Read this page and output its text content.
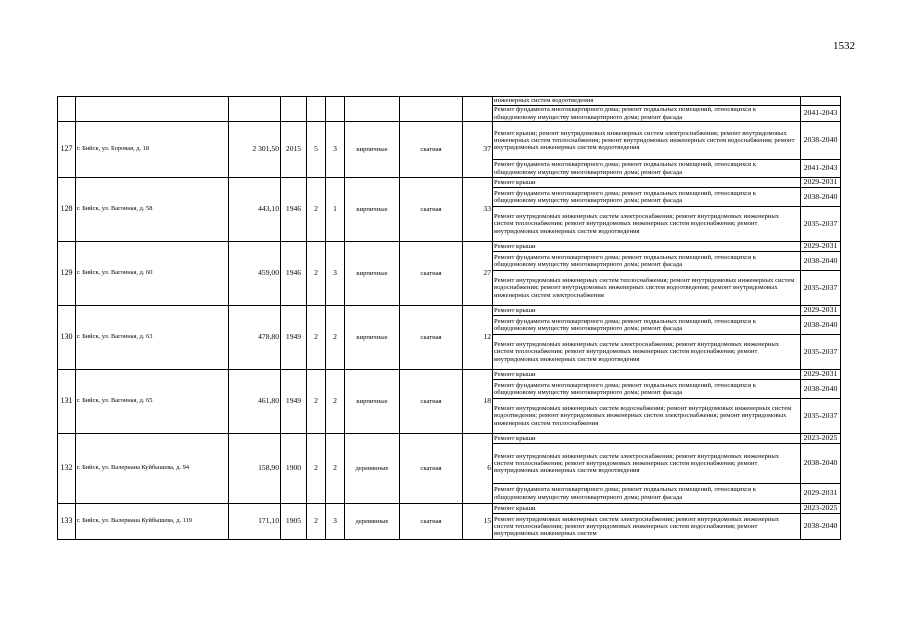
1532
									инженерных систем водоотведения	
									Ремонт фундамента многоквартирного дома; ремонт подвальных помещений, относящихся к общедомовому имуществу многоквартирного дома; ремонт фасада	2041-2043
127	г. Бийск, ул. Боровая, д. 18	2 301,50	2015	5	3	кирпичные	скатная	37	Ремонт крыши; ремонт внутридомовых инженерных систем электроснабжения; ремонт внутридомовых инженерных систем теплоснабжения; ремонт внутридомовых инженерных систем водоснабжения; ремонт внутридомовых инженерных систем водоотведения	2038-2040
									Ремонт фундамента многоквартирного дома; ремонт подвальных помещений, относящихся к общедомовому имуществу многоквартирного дома; ремонт фасада	2041-2043
128	г. Бийск, ул. Вагонная, д. 58	443,10	1946	2	1	кирпичные	скатная	33	Ремонт крыши	2029-2031
									Ремонт фундамента многоквартирного дома; ремонт подвальных помещений, относящихся к общедомовому имуществу многоквартирного дома; ремонт фасада	2038-2040
									Ремонт внутридомовых инженерных систем электроснабжения; ремонт внутридомовых инженерных систем теплоснабжения; ремонт внутридомовых инженерных систем водоснабжения; ремонт внутридомовых инженерных систем водоотведения	2035-2037
129	г. Бийск, ул. Вагонная, д. 60	459,00	1946	2	3	кирпичные	скатная	27	Ремонт крыши	2029-2031
									Ремонт фундамента многоквартирного дома; ремонт подвальных помещений, относящихся к общедомовому имуществу многоквартирного дома; ремонт фасада	2038-2040
									Ремонт внутридомовых инженерных систем теплоснабжения; ремонт внутридомовых инженерных систем водоснабжения; ремонт внутридомовых инженерных систем водоотведения; ремонт внутридомовых инженерных систем электроснабжения	2035-2037
130	г. Бийск, ул. Вагонная, д. 63	478,80	1949	2	2	кирпичные	скатная	12	Ремонт крыши	2029-2031
									Ремонт фундамента многоквартирного дома; ремонт подвальных помещений, относящихся к общедомовому имуществу многоквартирного дома; ремонт фасада	2038-2040
									Ремонт внутридомовых инженерных систем электроснабжения; ремонт внутридомовых инженерных систем теплоснабжения; ремонт внутридомовых инженерных систем водоснабжения; ремонт внутридомовых инженерных систем водоотведения	2035-2037
131	г. Бийск, ул. Вагонная, д. 65	461,80	1949	2	2	кирпичные	скатная	18	Ремонт крыши	2029-2031
									Ремонт фундамента многоквартирного дома; ремонт подвальных помещений, относящихся к общедомовому имуществу многоквартирного дома; ремонт фасада	2038-2040
									Ремонт внутридомовых инженерных систем водоснабжения; ремонт внутридомовых инженерных систем водоотведения; ремонт внутридомовых инженерных систем электроснабжения; ремонт внутридомовых инженерных систем теплоснабжения	2035-2037
132	г. Бийск, ул. Валериана Куйбышева, д. 94	158,90	1900	2	2	деревянные	скатная	6	Ремонт крыши	2023-2025
									Ремонт внутридомовых инженерных систем электроснабжения; ремонт внутридомовых инженерных систем теплоснабжения; ремонт внутридомовых инженерных систем водоснабжения; ремонт внутридомовых инженерных систем водоотведения	2038-2040
									Ремонт фундамента многоквартирного дома; ремонт подвальных помещений, относящихся к общедомовому имуществу многоквартирного дома; ремонт фасада	2029-2031
133	г. Бийск, ул. Валериана Куйбышева, д. 119	171,10	1905	2	3	деревянные	скатная	15	Ремонт крыши	2023-2025
									Ремонт внутридомовых инженерных систем электроснабжения; ремонт внутридомовых инженерных систем теплоснабжения; ремонт внутридомовых инженерных систем водоснабжения; ремонт внутридомовых инженерных систем	2038-2040
